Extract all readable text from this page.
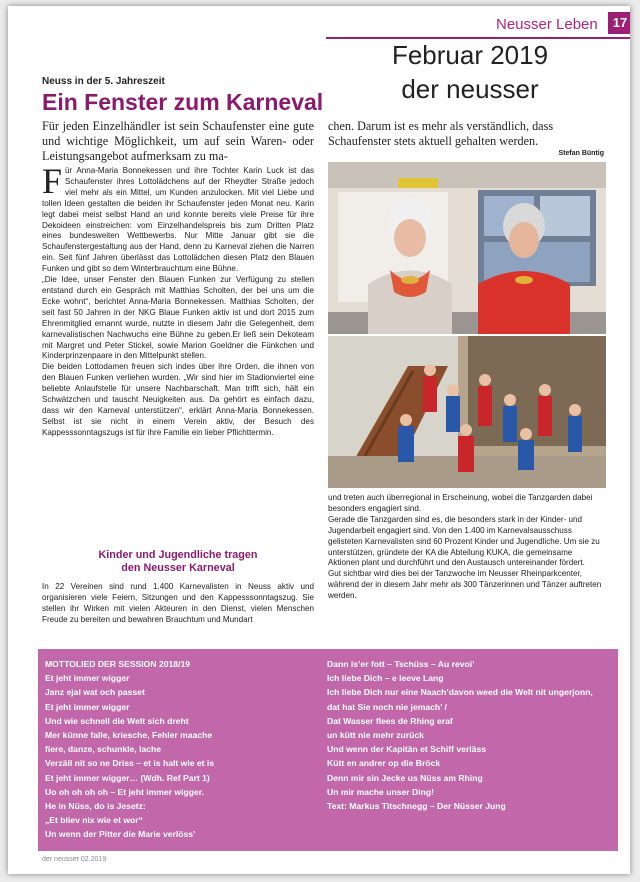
Neusser Leben	17
Februar 2019
der neusser
Neuss in der 5. Jahreszeit
Ein Fenster zum Karneval
Für jeden Einzelhändler ist sein Schaufenster eine gute und wichtige Möglichkeit, um auf sein Waren- oder Leistungsangebot aufmerksam zu ma-
chen. Darum ist es mehr als verständlich, dass Schaufenster stets aktuell gehalten werden.
Stefan Büntig
F ür Anna-Maria Bonnekessen und ihre Tochter Karin Luck ist das Schaufenster ihres Lottolädchens auf der Rheydter Straße jedoch viel mehr als ein Mittel, um Kunden anzulocken. Mit viel Liebe und tollen Ideen gestalten die beiden ihr Schaufenster jeden Monat neu. Karin legt dabei meist selbst Hand an und konnte bereits viele Preise für ihre Dekoideen einstreichen: vom Einzelhandelspreis bis zum Dritten Platz eines bundesweiten Wettbewerbs. Nur Mitte Januar gibt sie die Schaufenstergestaltung aus der Hand, denn zu Karneval ziehen die Narren ein. Seit fünf Jahren überlässt das Lottolädchen diesen Platz den Blauen Funken und gibt so dem Winterbrauchtum eine Bühne.

„Die Idee, unser Fenster den Blauen Funken zur Verfügung zu stellen entstand durch ein Gespräch mit Matthias Scholten, der bei uns um die Ecke wohnt“, berichtet Anna-Maria Bonnekessen. Matthias Scholten, der seit fast 50 Jahren in der NKG Blaue Funken aktiv ist und dort 2015 zum Ehrenmitglied ernannt wurde, nutzte in diesem Jahr die Gelegenheit, dem karnevalistischen Nachwuchs eine Bühne zu geben.Er ließ sein Dekoteam mit Margret und Peter Stickel, sowie Marion Goeldner die Fünkchen und Kinderprinzenpaare in den Mittelpunkt stellen.

Die beiden Lottodamen freuen sich indes über ihre Orden, die ihnen von den Blauen Funken verliehen wurden. „Wir sind hier im Stadionviertel eine beliebte Anlaufstelle für unsere Nachbarschaft. Man trifft sich, hält ein Schwätzchen und tauscht Neuigkeiten aus. Da gehört es einfach dazu, dass wir den Karneval unterstützen“, erklärt Anna-Maria Bonnekessen. Selbst ist sie nicht in einem Verein aktiv, der Besuch des Kappesssonntagszugs ist für ihre Familie ein lieber Pflichttermin.

Kinder und Jugendliche tragen
den Neusser Karneval
In 22 Vereinen sind rund 1.400 Karnevalisten in Neuss aktiv und organisieren viele Feiern, Sitzungen und den Kappesssonntagszug. Sie stellen ihr Wirken mit vielen Akteuren in den Dienst, vielen Menschen Freude zu bereiten und bewahren Brauchtum und Mundart

und treten auch überregional in Erscheinung, wobei die Tanzgarden dabei besonders engagiert sind.

Gerade die Tanzgarden sind es, die besonders stark in der Kinder- und Jugendarbeit engagiert sind. Von den 1.400 im Karnevalsausschuss gelisteten Karnevalisten sind 60 Prozent Kinder und Jugendliche. Um sie zu unterstützen, gründete der KA die Abteilung KUKA, die gemeinsame Aktionen plant und durchführt und den Austausch untereinander fördert.

Gut sichtbar wird dies bei der Tanzwoche im Neusser Rheinparkcenter, während der in diesem Jahr mehr als 300 Tänzerinnen und Tänzer auftreten werden.

MOTTOLIED DER SESSION 2018/19
Et jeht immer wigger
Janz ejal wat och passet
Et jeht immer wigger
Und wie schnell die Welt sich dreht
Mer künne falle, kriesche, Fehler maache
fiere, danze, schunkle, lache
Verzäll nit so ne Driss – et is halt wie et is
Et jeht immer wigger… (Wdh. Ref Part 1)
Uo oh oh oh oh – Et jeht immer wigger.
He in Nüss, do is Jesetz:
„Et bliev nix wie et wor“
Un wenn der Pitter die Marie verlöss’
Dann is’er fott – Tschüss – Au revoi’
Ich liebe Dich – e leeve Lang
Ich liebe Dich nur eine Naach’davon weed die Welt nit ungerjonn,
dat hat Sie noch nie jemach’ /
Dat Wasser flees de Rhing eraf
un kütt nie mehr zurück
Und wenn der Kapitän et Schiff verläss
Kütt en andrer op die Bröck
Denn mir sin Jecke us Nüss am Rhing
Un mir mache unser Ding!
Text: Markus Titschnegg – Der Nüsser Jung
der neusser 02.2019
